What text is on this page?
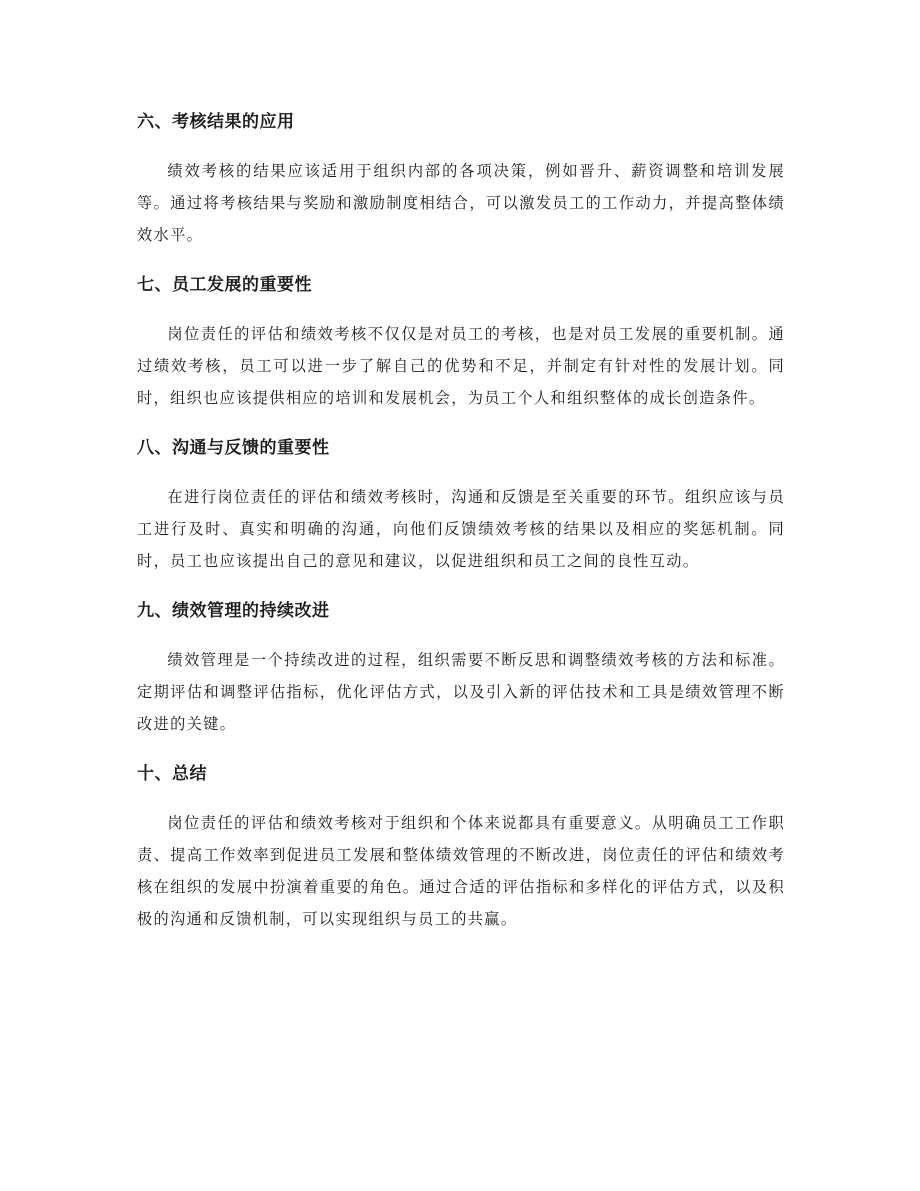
六、考核结果的应用

绩效考核的结果应该适用于组织内部的各项决策，例如晋升、薪资调整和培训发展等。通过将考核结果与奖励和激励制度相结合，可以激发员工的工作动力，并提高整体绩效水平。

七、员工发展的重要性

岗位责任的评估和绩效考核不仅仅是对员工的考核，也是对员工发展的重要机制。通过绩效考核，员工可以进一步了解自己的优势和不足，并制定有针对性的发展计划。同时，组织也应该提供相应的培训和发展机会，为员工个人和组织整体的成长创造条件。

八、沟通与反馈的重要性

在进行岗位责任的评估和绩效考核时，沟通和反馈是至关重要的环节。组织应该与员工进行及时、真实和明确的沟通，向他们反馈绩效考核的结果以及相应的奖惩机制。同时，员工也应该提出自己的意见和建议，以促进组织和员工之间的良性互动。

九、绩效管理的持续改进

绩效管理是一个持续改进的过程，组织需要不断反思和调整绩效考核的方法和标准。定期评估和调整评估指标，优化评估方式，以及引入新的评估技术和工具是绩效管理不断改进的关键。

十、总结

岗位责任的评估和绩效考核对于组织和个体来说都具有重要意义。从明确员工工作职责、提高工作效率到促进员工发展和整体绩效管理的不断改进，岗位责任的评估和绩效考核在组织的发展中扮演着重要的角色。通过合适的评估指标和多样化的评估方式，以及积极的沟通和反馈机制，可以实现组织与员工的共赢。
